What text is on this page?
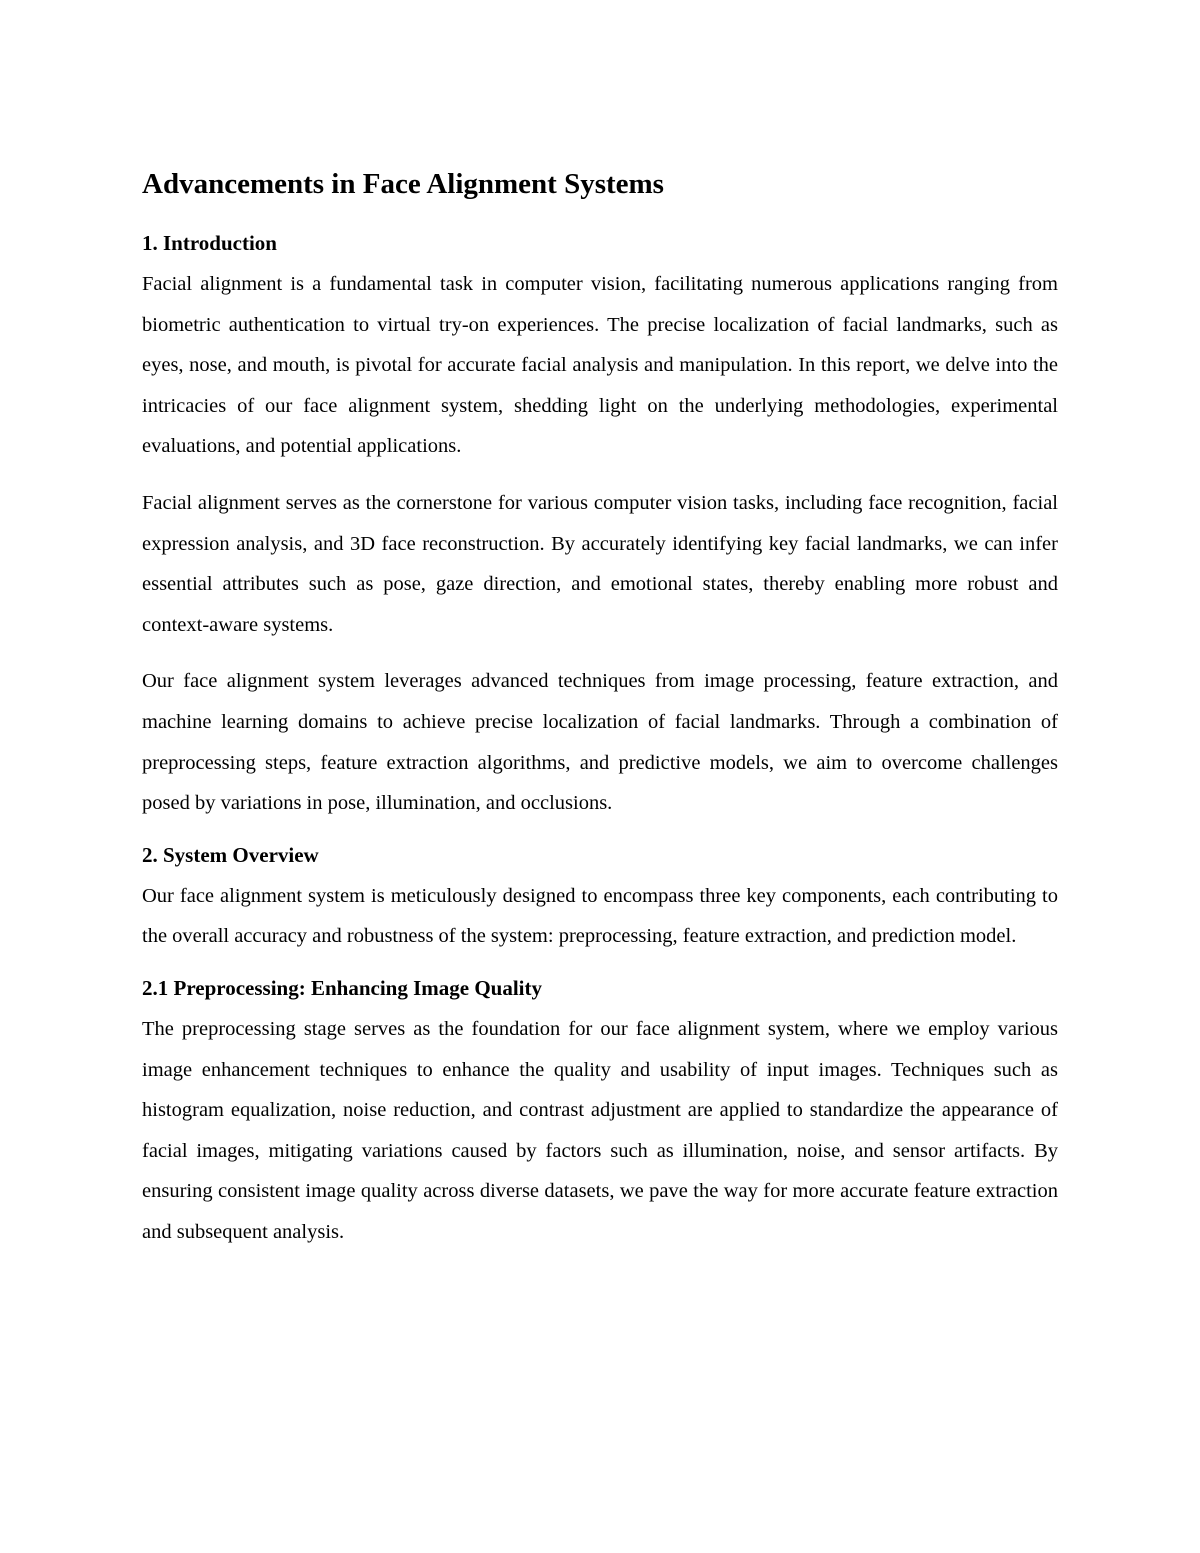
Advancements in Face Alignment Systems
1. Introduction

Facial alignment is a fundamental task in computer vision, facilitating numerous applications ranging from biometric authentication to virtual try-on experiences. The precise localization of facial landmarks, such as eyes, nose, and mouth, is pivotal for accurate facial analysis and manipulation. In this report, we delve into the intricacies of our face alignment system, shedding light on the underlying methodologies, experimental evaluations, and potential applications.

Facial alignment serves as the cornerstone for various computer vision tasks, including face recognition, facial expression analysis, and 3D face reconstruction. By accurately identifying key facial landmarks, we can infer essential attributes such as pose, gaze direction, and emotional states, thereby enabling more robust and context-aware systems.

Our face alignment system leverages advanced techniques from image processing, feature extraction, and machine learning domains to achieve precise localization of facial landmarks. Through a combination of preprocessing steps, feature extraction algorithms, and predictive models, we aim to overcome challenges posed by variations in pose, illumination, and occlusions.

2. System Overview

Our face alignment system is meticulously designed to encompass three key components, each contributing to the overall accuracy and robustness of the system: preprocessing, feature extraction, and prediction model.

2.1 Preprocessing: Enhancing Image Quality

The preprocessing stage serves as the foundation for our face alignment system, where we employ various image enhancement techniques to enhance the quality and usability of input images. Techniques such as histogram equalization, noise reduction, and contrast adjustment are applied to standardize the appearance of facial images, mitigating variations caused by factors such as illumination, noise, and sensor artifacts. By ensuring consistent image quality across diverse datasets, we pave the way for more accurate feature extraction and subsequent analysis.
